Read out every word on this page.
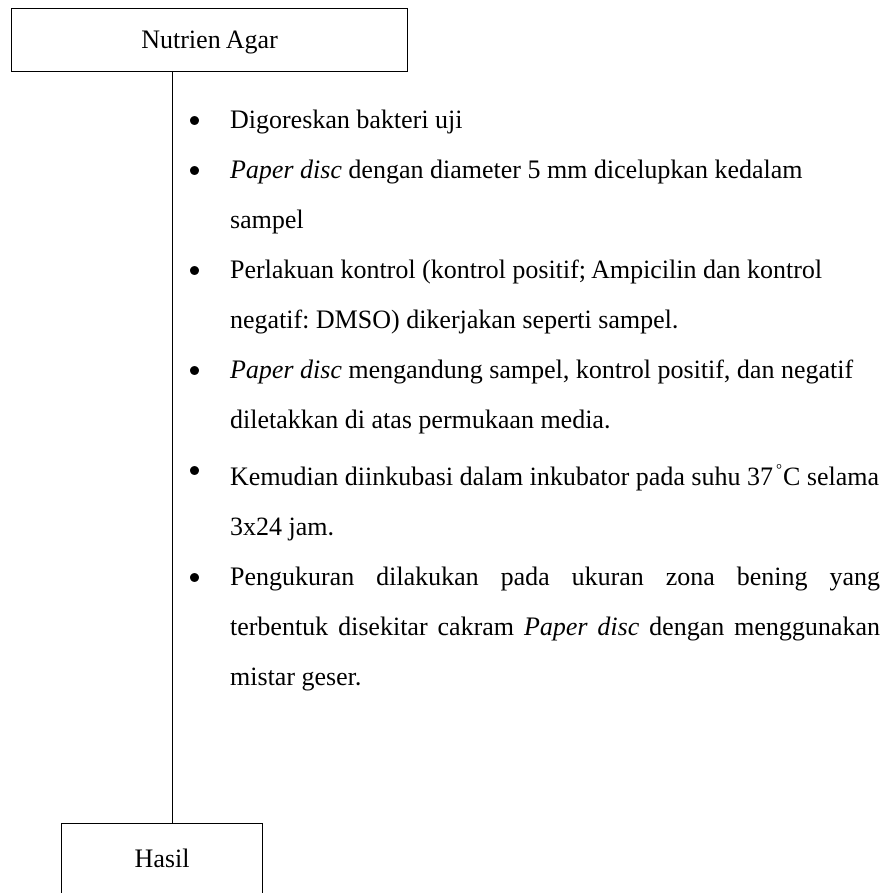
Nutrien Agar
Digoreskan bakteri uji
Paper disc dengan diameter 5 mm dicelupkan kedalam sampel
Perlakuan kontrol (kontrol positif; Ampicilin dan kontrol negatif: DMSO) dikerjakan seperti sampel.
Paper disc mengandung sampel, kontrol positif, dan negatif diletakkan di atas permukaan media.
Kemudian diinkubasi dalam inkubator pada suhu 37 °C selama 3x24 jam.
Pengukuran dilakukan pada ukuran zona bening yang terbentuk disekitar cakram Paper disc dengan menggunakan mistar geser.
Hasil
